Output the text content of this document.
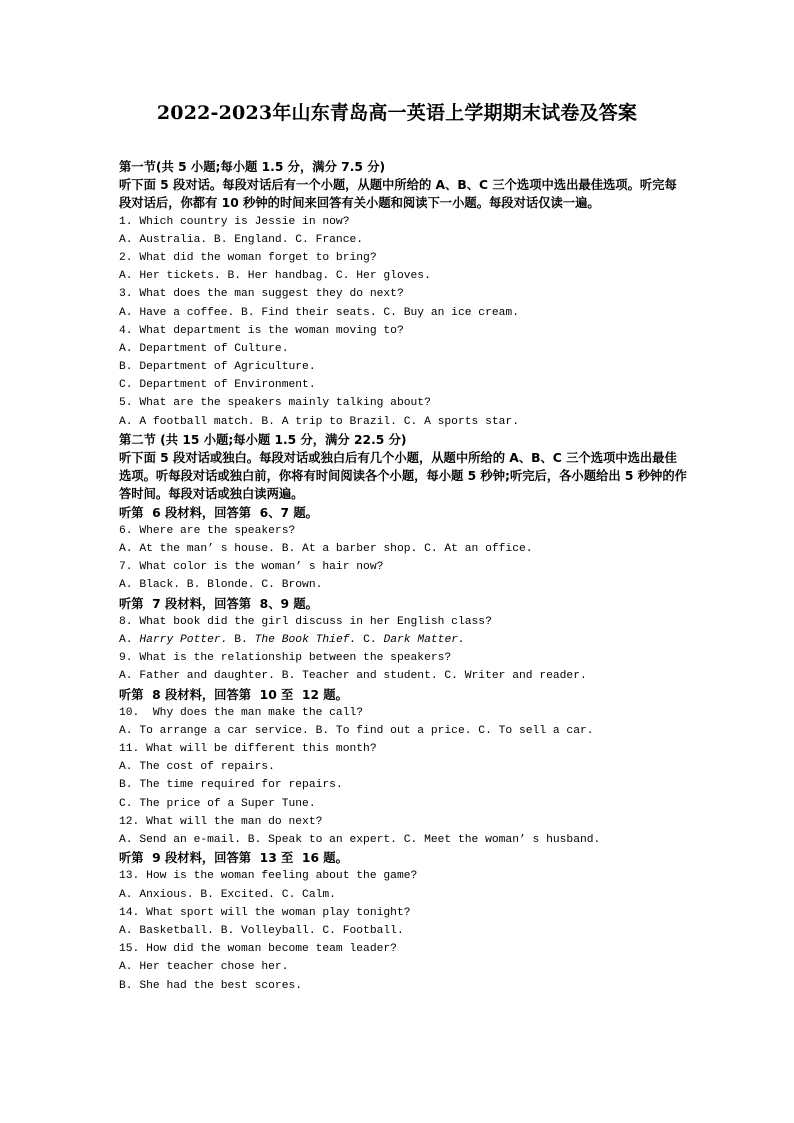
2022-2023年山东青岛高一英语上学期期末试卷及答案
第一节(共 5 小题;每小题 1.5 分，满分 7.5 分)
听下面 5 段对话。每段对话后有一个小题，从题中所给的 A、B、C 三个选项中选出最佳选项。听完每段对话后，你都有 10 秒钟的时间来回答有关小题和阅读下一小题。每段对话仅读一遍。
1. Which country is Jessie in now?
A. Australia. B. England. C. France.
2. What did the woman forget to bring?
A. Her tickets. B. Her handbag. C. Her gloves.
3. What does the man suggest they do next?
A. Have a coffee. B. Find their seats. C. Buy an ice cream.
4. What department is the woman moving to?
A. Department of Culture.
B. Department of Agriculture.
C. Department of Environment.
5. What are the speakers mainly talking about?
A. A football match. B. A trip to Brazil. C. A sports star.
第二节 (共 15 小题;每小题 1.5 分，满分 22.5 分)
听下面 5 段对话或独白。每段对话或独白后有几个小题，从题中所给的 A、B、C 三个选项中选出最佳选项。听每段对话或独白前，你将有时间阅读各个小题，每小题 5 秒钟;听完后，各小题给出 5 秒钟的作答时间。每段对话或独白读两遍。
听第  6 段材料，回答第  6、7 题。
6. Where are the speakers?
A. At the man’ s house. B. At a barber shop. C. At an office.
7. What color is the woman’ s hair now?
A. Black. B. Blonde. C. Brown.
听第  7 段材料，回答第  8、9 题。
8. What book did the girl discuss in her English class?
A. Harry Potter. B. The Book Thief. C. Dark Matter.
9. What is the relationship between the speakers?
A. Father and daughter. B. Teacher and student. C. Writer and reader.
听第  8 段材料，回答第  10 至  12 题。
10.  Why does the man make the call?
A. To arrange a car service. B. To find out a price. C. To sell a car.
11. What will be different this month?
A. The cost of repairs.
B. The time required for repairs.
C. The price of a Super Tune.
12. What will the man do next?
A. Send an e-mail. B. Speak to an expert. C. Meet the woman’ s husband.
听第  9 段材料，回答第  13 至  16 题。
13. How is the woman feeling about the game?
A. Anxious. B. Excited. C. Calm.
14. What sport will the woman play tonight?
A. Basketball. B. Volleyball. C. Football.
15. How did the woman become team leader?
A. Her teacher chose her.
B. She had the best scores.
